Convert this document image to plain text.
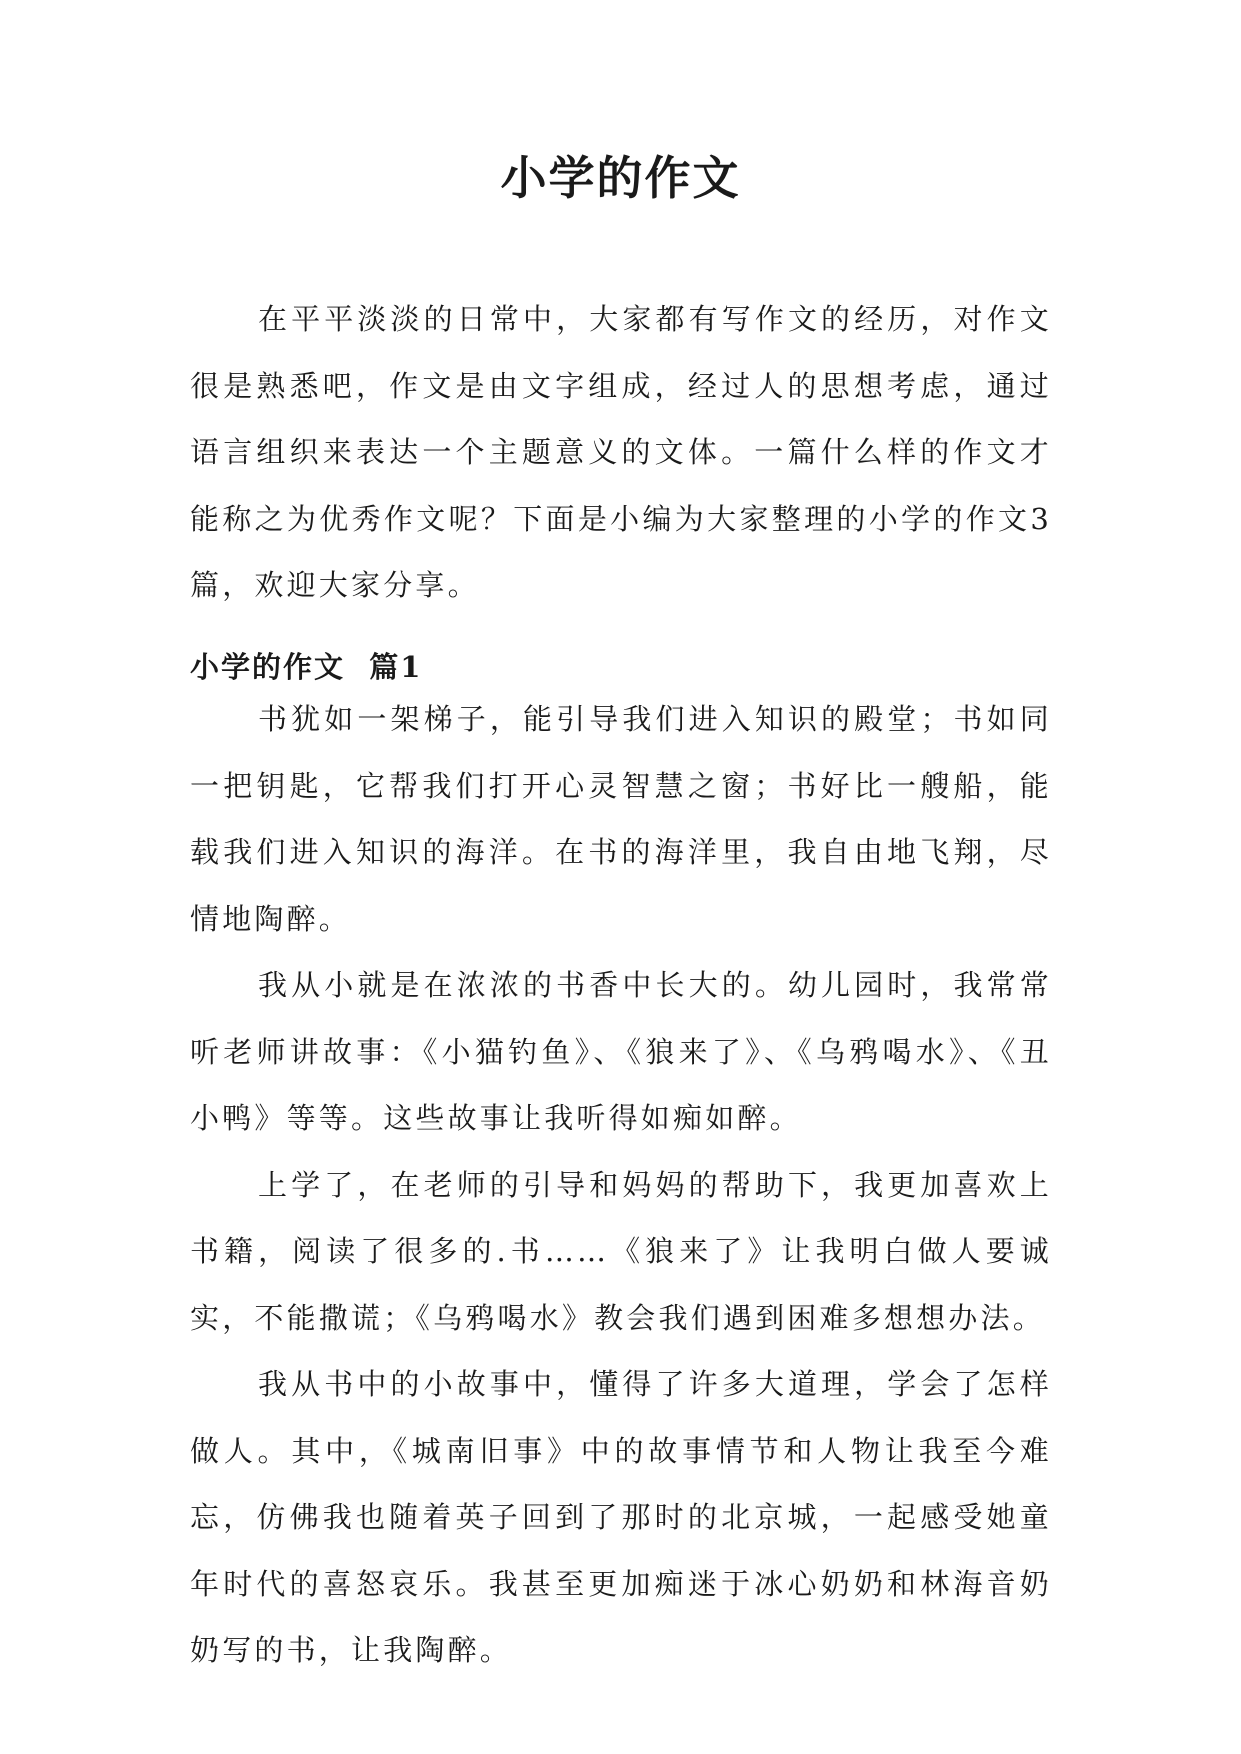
小学的作文

在平平淡淡的日常中，大家都有写作文的经历，对作文很是熟悉吧，作文是由文字组成，经过人的思想考虑，通过语言组织来表达一个主题意义的文体。一篇什么样的作文才能称之为优秀作文呢？下面是小编为大家整理的小学的作文3篇，欢迎大家分享。

小学的作文  篇1

书犹如一架梯子，能引导我们进入知识的殿堂；书如同一把钥匙，它帮我们打开心灵智慧之窗；书好比一艘船，能载我们进入知识的海洋。在书的海洋里，我自由地飞翔，尽情地陶醉。

我从小就是在浓浓的书香中长大的。幼儿园时，我常常听老师讲故事：《小猫钓鱼》、《狼来了》、《乌鸦喝水》、《丑小鸭》等等。这些故事让我听得如痴如醉。

上学了，在老师的引导和妈妈的帮助下，我更加喜欢上书籍，阅读了很多的.书……《狼来了》让我明白做人要诚实，不能撒谎；《乌鸦喝水》教会我们遇到困难多想想办法。

我从书中的小故事中，懂得了许多大道理，学会了怎样做人。其中，《城南旧事》中的故事情节和人物让我至今难忘，仿佛我也随着英子回到了那时的北京城，一起感受她童年时代的喜怒哀乐。我甚至更加痴迷于冰心奶奶和林海音奶奶写的书，让我陶醉。
